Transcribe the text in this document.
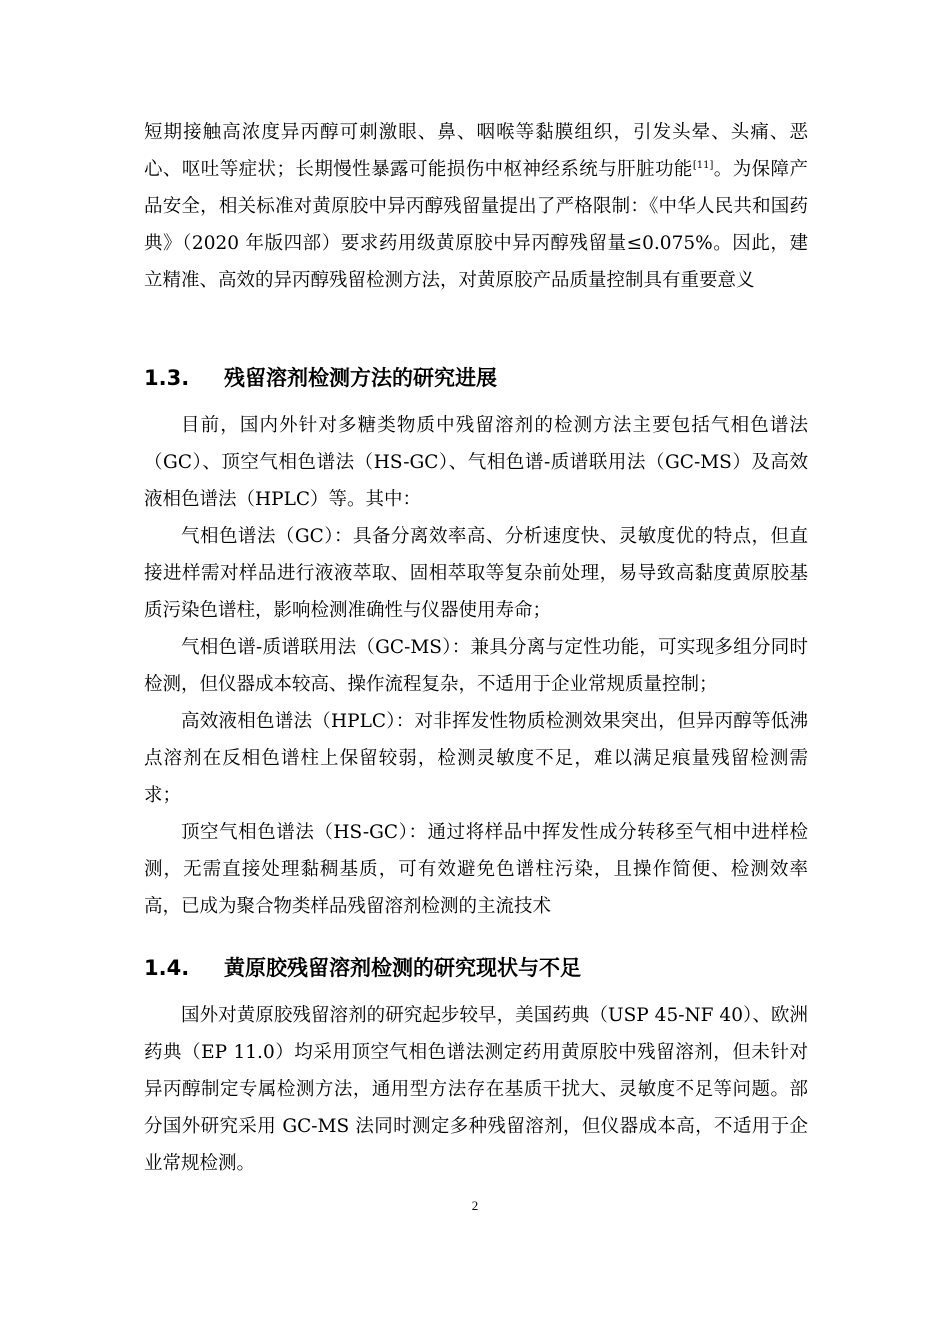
短期接触高浓度异丙醇可刺激眼、鼻、咽喉等黏膜组织，引发头晕、头痛、恶心、呕吐等症状；长期慢性暴露可能损伤中枢神经系统与肝脏功能[11]。为保障产品安全，相关标准对黄原胶中异丙醇残留量提出了严格限制：《中华人民共和国药典》（2020 年版四部）要求药用级黄原胶中异丙醇残留量≤0.075%。因此，建立精准、高效的异丙醇残留检测方法，对黄原胶产品质量控制具有重要意义

1.3. 残留溶剂检测方法的研究进展

目前，国内外针对多糖类物质中残留溶剂的检测方法主要包括气相色谱法（GC）、顶空气相色谱法（HS-GC）、气相色谱-质谱联用法（GC-MS）及高效液相色谱法（HPLC）等。其中：

气相色谱法（GC）：具备分离效率高、分析速度快、灵敏度优的特点，但直接进样需对样品进行液液萃取、固相萃取等复杂前处理，易导致高黏度黄原胶基质污染色谱柱，影响检测准确性与仪器使用寿命；

气相色谱-质谱联用法（GC-MS）：兼具分离与定性功能，可实现多组分同时检测，但仪器成本较高、操作流程复杂，不适用于企业常规质量控制；

高效液相色谱法（HPLC）：对非挥发性物质检测效果突出，但异丙醇等低沸点溶剂在反相色谱柱上保留较弱，检测灵敏度不足，难以满足痕量残留检测需求；

顶空气相色谱法（HS-GC）：通过将样品中挥发性成分转移至气相中进样检测，无需直接处理黏稠基质，可有效避免色谱柱污染，且操作简便、检测效率高，已成为聚合物类样品残留溶剂检测的主流技术

1.4. 黄原胶残留溶剂检测的研究现状与不足

国外对黄原胶残留溶剂的研究起步较早，美国药典（USP 45-NF 40）、欧洲药典（EP 11.0）均采用顶空气相色谱法测定药用黄原胶中残留溶剂，但未针对异丙醇制定专属检测方法，通用型方法存在基质干扰大、灵敏度不足等问题。部分国外研究采用 GC-MS 法同时测定多种残留溶剂，但仪器成本高，不适用于企业常规检测。

2
